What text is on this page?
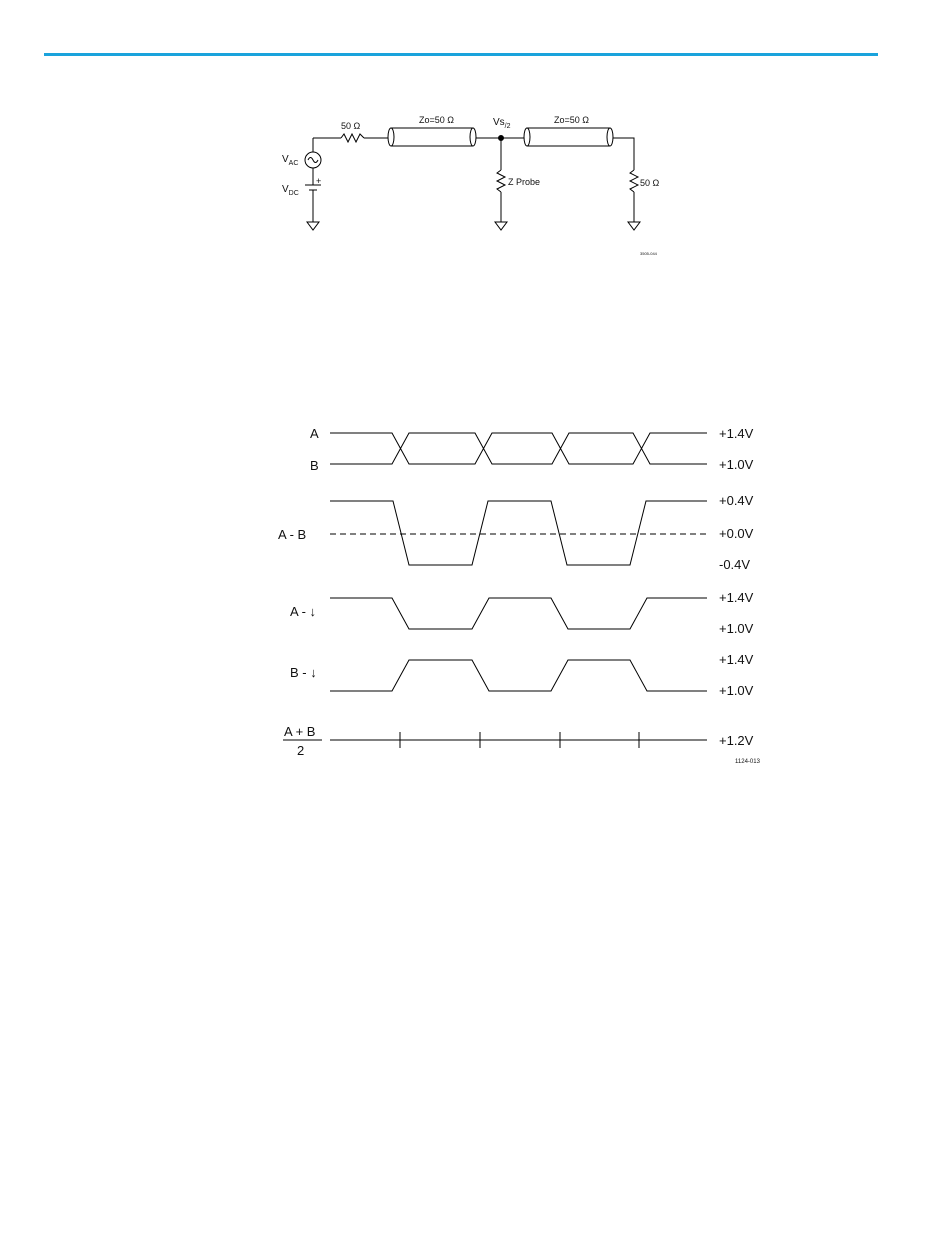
$V_{AC}$
$V_{DC}$
+
50 Ω
Zo=50 Ω	$Vs_{/2}$
Zo=50 Ω
Z Probe	50 Ω
3505-044
A
B
A - B
A - ↓
B - ↓
A + B
2
+1.4V
+1.0V
+0.4V
+0.0V
-0.4V
+1.4V
+1.0V
+1.4V
+1.0V
+1.2V
1124-013
